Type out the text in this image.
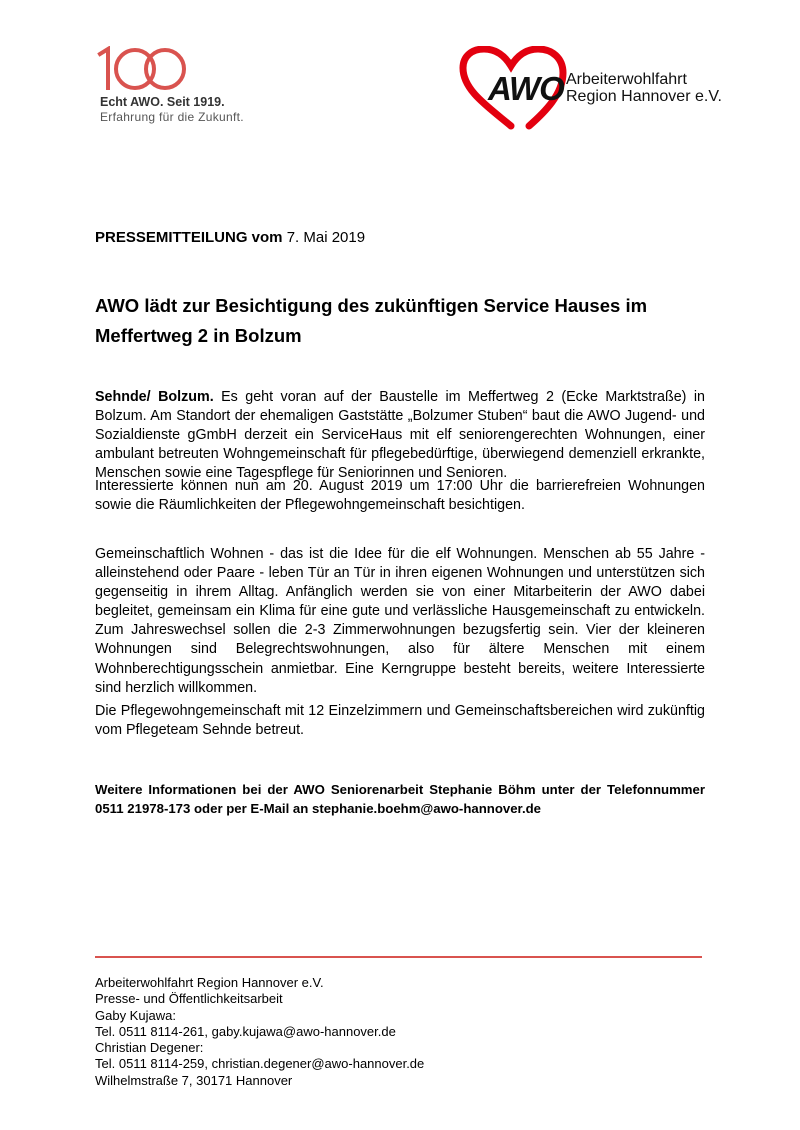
Echt AWO. Seit 1919.
Erfahrung für die Zukunft.
AWO Arbeiterwohlfahrt
Region Hannover e.V.
PRESSEMITTEILUNG vom 7. Mai 2019
AWO lädt zur Besichtigung des zukünftigen Service Hauses im Meffertweg 2 in Bolzum
Sehnde/ Bolzum. Es geht voran auf der Baustelle im Meffertweg 2 (Ecke Marktstraße) in Bolzum. Am Standort der ehemaligen Gaststätte „Bolzumer Stuben“ baut die AWO Jugend- und Sozialdienste gGmbH derzeit ein ServiceHaus mit elf seniorengerechten Wohnungen, einer ambulant betreuten Wohngemeinschaft für pflegebedürftige, überwiegend demenziell erkrankte, Menschen sowie eine Tagespflege für Seniorinnen und Senioren.
Interessierte können nun am 20. August 2019 um 17:00 Uhr die barrierefreien Wohnungen sowie die Räumlichkeiten der Pflegewohngemeinschaft besichtigen.
Gemeinschaftlich Wohnen - das ist die Idee für die elf Wohnungen. Menschen ab 55 Jahre - alleinstehend oder Paare - leben Tür an Tür in ihren eigenen Wohnungen und unterstützen sich gegenseitig in ihrem Alltag. Anfänglich werden sie von einer Mitarbeiterin der AWO dabei begleitet, gemeinsam ein Klima für eine gute und verlässliche Hausgemeinschaft zu entwickeln. Zum Jahreswechsel sollen die 2-3 Zimmerwohnungen bezugsfertig sein. Vier der kleineren Wohnungen sind Belegrechtswohnungen, also für ältere Menschen mit einem Wohnberechtigungsschein anmietbar. Eine Kerngruppe besteht bereits, weitere Interessierte sind herzlich willkommen.
Die Pflegewohngemeinschaft mit 12 Einzelzimmern und Gemeinschaftsbereichen wird zukünftig vom Pflegeteam Sehnde betreut.
Weitere Informationen bei der AWO Seniorenarbeit Stephanie Böhm unter der Telefonnummer 0511 21978-173 oder per E-Mail an stephanie.boehm@awo-hannover.de
Arbeiterwohlfahrt Region Hannover e.V.
Presse- und Öffentlichkeitsarbeit
Gaby Kujawa:
Tel. 0511 8114-261, gaby.kujawa@awo-hannover.de
Christian Degener:
Tel. 0511 8114-259, christian.degener@awo-hannover.de
Wilhelmstraße 7, 30171 Hannover
